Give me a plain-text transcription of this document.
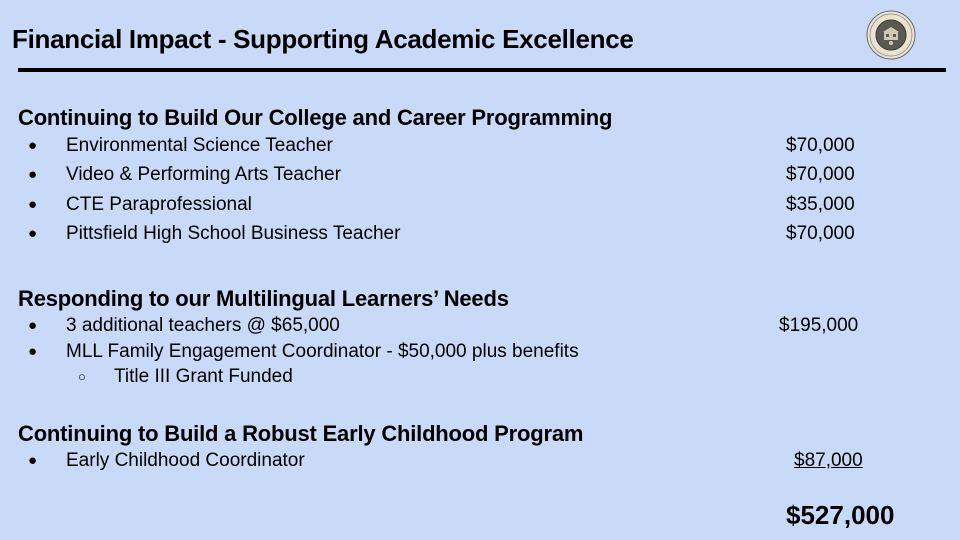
Financial Impact - Supporting Academic Excellence
Continuing to Build Our College and Career Programming
● Environmental Science Teacher	$70,000
● Video & Performing Arts Teacher	$70,000
● CTE Paraprofessional	$35,000
● Pittsfield High School Business Teacher	$70,000
Responding to our Multilingual Learners’ Needs
● 3 additional teachers @ $65,000	$195,000
● MLL Family Engagement Coordinator - $50,000 plus benefits
○ Title III Grant Funded
Continuing to Build a Robust Early Childhood Program
● Early Childhood Coordinator	$87,000
$527,000
